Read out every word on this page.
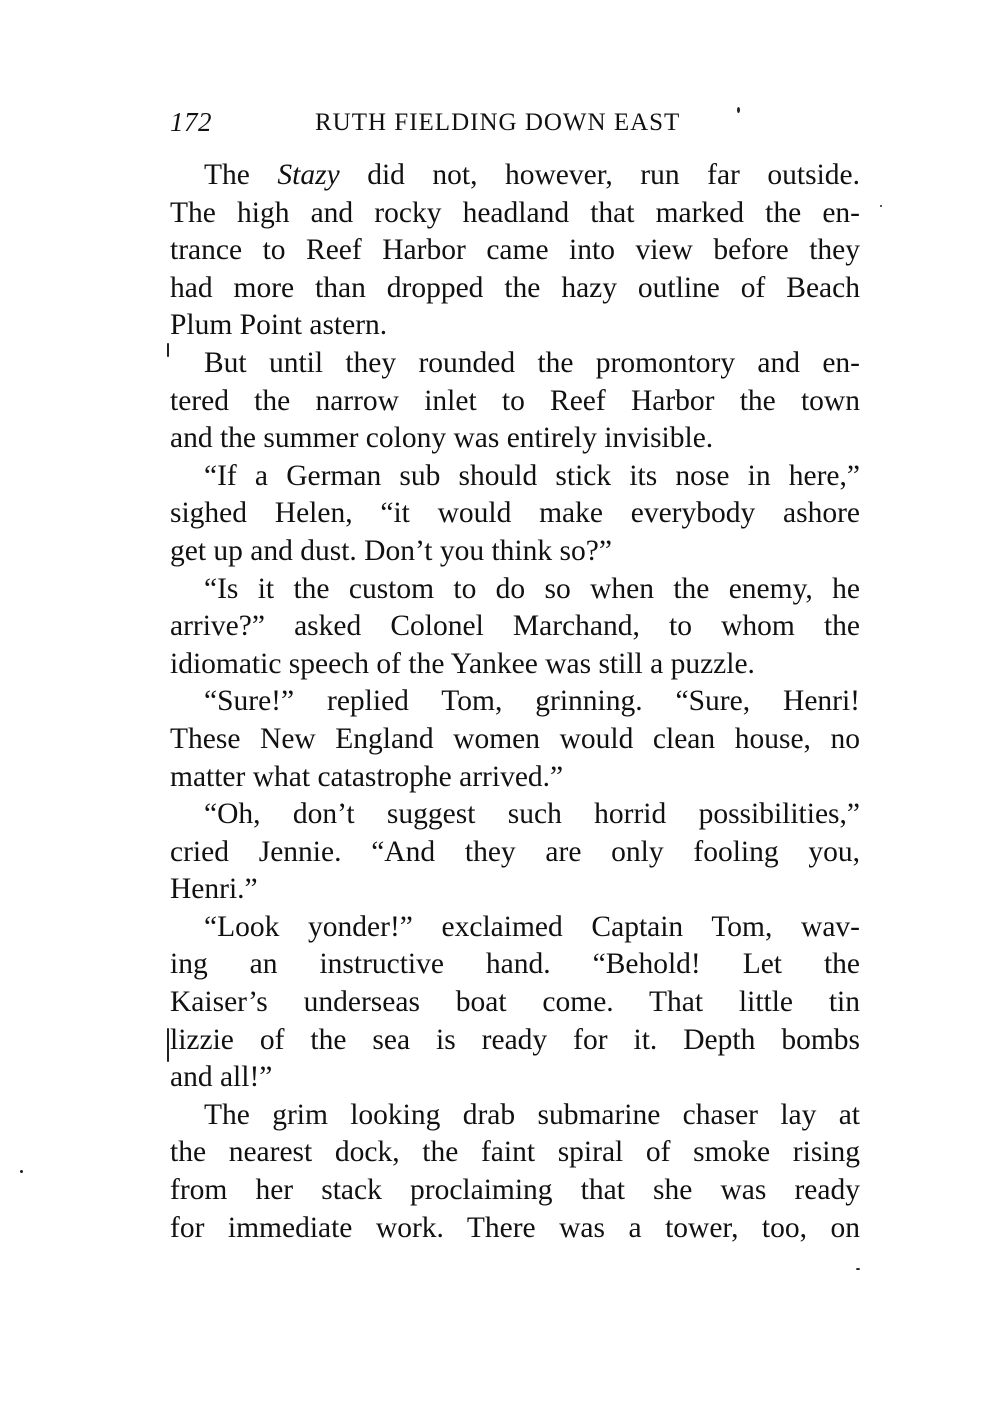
172	RUTH FIELDING DOWN EAST
The Stazy did not, however, run far outside.
The high and rocky headland that marked the en-
trance to Reef Harbor came into view before they
had more than dropped the hazy outline of Beach
Plum Point astern.
But until they rounded the promontory and en-
tered the narrow inlet to Reef Harbor the town
and the summer colony was entirely invisible.
“If a German sub should stick its nose in here,”
sighed Helen, “it would make everybody ashore
get up and dust. Don’t you think so?”
“Is it the custom to do so when the enemy, he
arrive?” asked Colonel Marchand, to whom the
idiomatic speech of the Yankee was still a puzzle.
“Sure!” replied Tom, grinning. “Sure, Henri!
These New England women would clean house, no
matter what catastrophe arrived.”
“Oh, don’t suggest such horrid possibilities,”
cried Jennie. “And they are only fooling you,
Henri.”
“Look yonder!” exclaimed Captain Tom, wav-
ing an instructive hand. “Behold! Let the
Kaiser’s underseas boat come. That little tin
lizzie of the sea is ready for it. Depth bombs
and all!”
The grim looking drab submarine chaser lay at
the nearest dock, the faint spiral of smoke rising
from her stack proclaiming that she was ready
for immediate work. There was a tower, too, on
